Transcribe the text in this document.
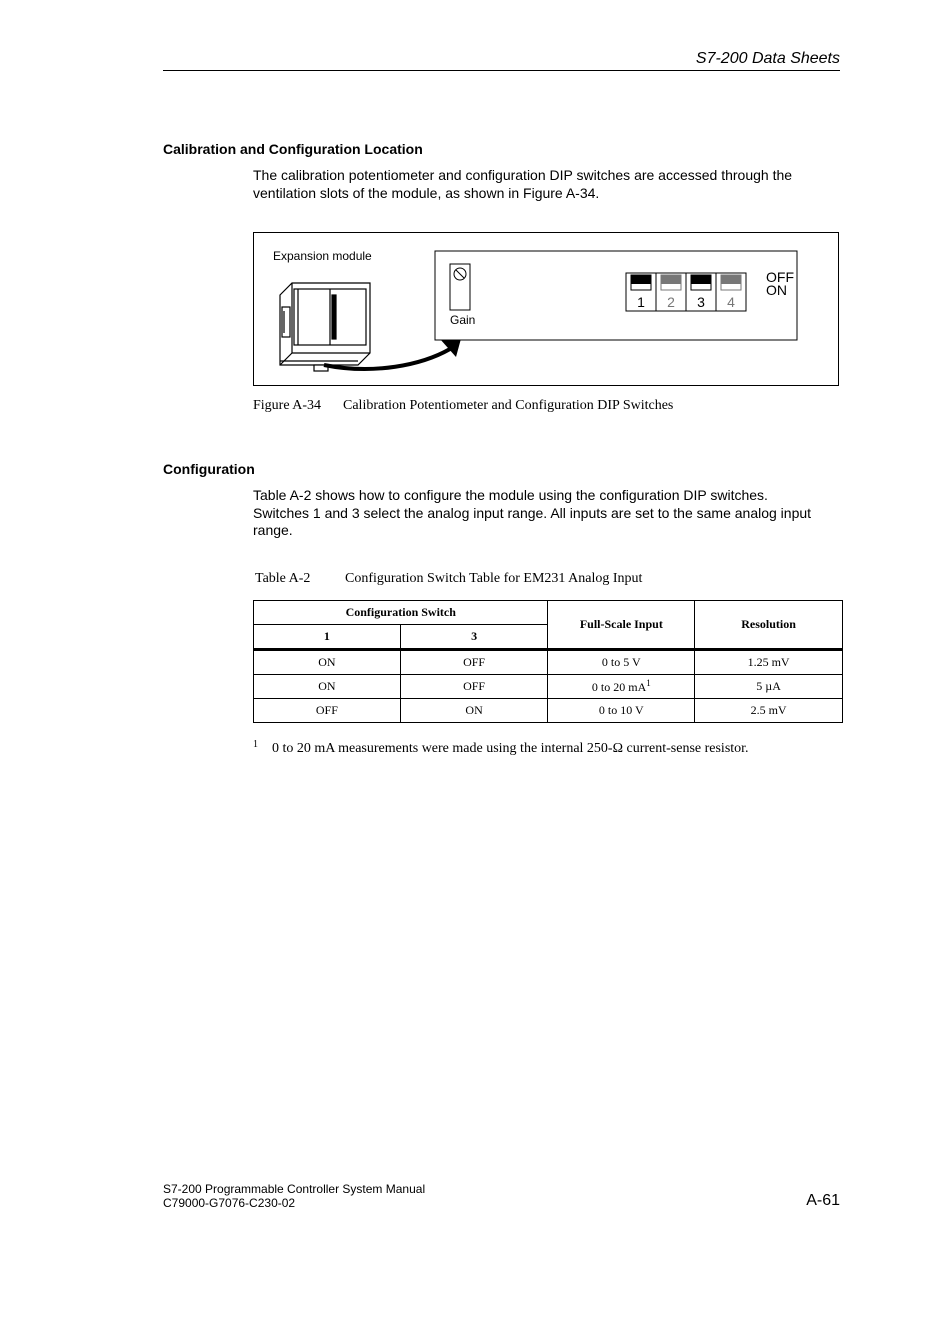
S7-200 Data Sheets
Calibration and Configuration Location
The calibration potentiometer and configuration DIP switches are accessed through the
ventilation slots of the module, as shown in Figure A-34.
Expansion module
Gain
OFF
ON
1	2	3	4
Figure A-34 Calibration Potentiometer and Configuration DIP Switches
Configuration
Table A-2 shows how to configure the module using the configuration DIP switches.
Switches 1 and 3 select the analog input range. All inputs are set to the same analog input
range.
Table A-2 Configuration Switch Table for EM231 Analog Input
Configuration Switch		Full-Scale Input	Resolution
1	3		
ON	OFF	0 to 5 V	1.25 mV
ON	OFF	0 to 20 $mA^1$	5 µA
OFF	ON	0 to 10 V	2.5 mV
$^1$ 0 to 20 mA measurements were made using the internal 250-Ω current-sense resistor.
S7-200 Programmable Controller System Manual
C79000-G7076-C230-02	A-61
